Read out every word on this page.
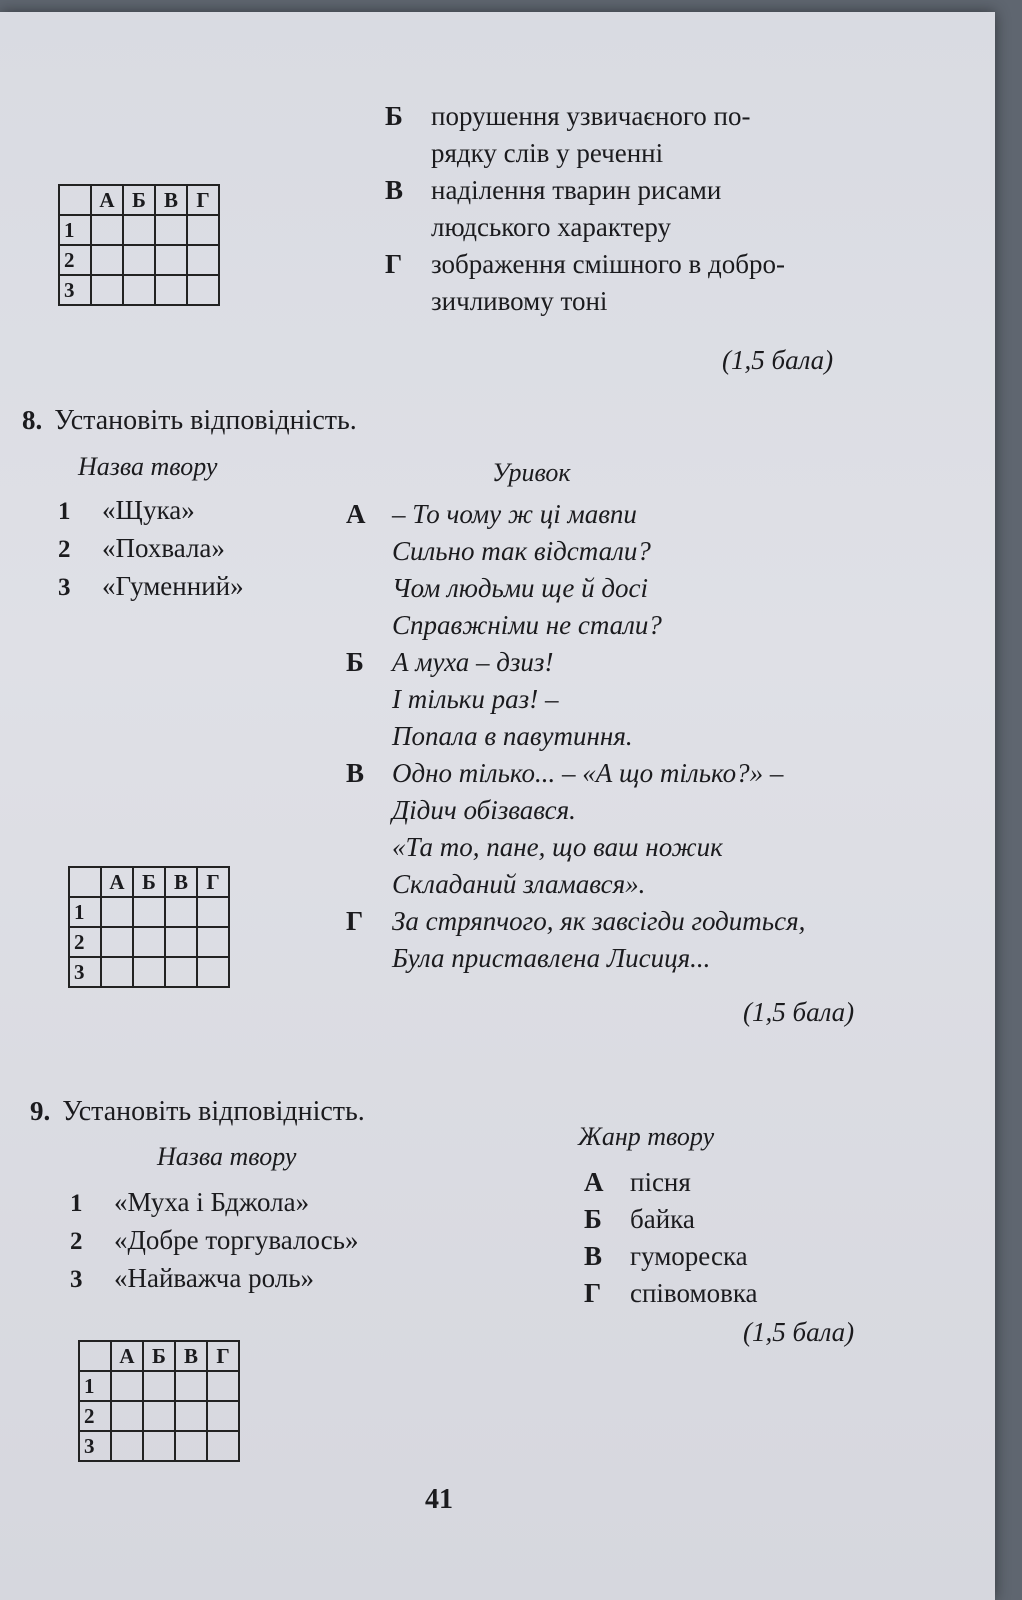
	А	Б	В	Г
1				
2				
3				
Б	порушення узвичаєного по-
рядку слів у реченні
В	наділення тварин рисами
людського характеру
Г	зображення смішного в добро-
зичливому тоні
(1,5 бала)
8. Установіть відповідність.
Назва твору	Уривок
1 «Щука»
2 «Похвала»
3 «Гуменний»
А – То чому ж ці мавпи
Сильно так відстали?
Чом людьми ще й досі
Справжніми не стали?
Б	А муха – дзиз!
І тільки раз! –
Попала в павутиння.
В	Одно тілько... – «А що тілько?» –
Дідич обізвався.
«Та то, пане, що ваш ножик
Складаний зламався».
Г	За стряпчого, як завсігди годиться,
Була приставлена Лисиця...
	А	Б	В	Г
1				
2				
3				
(1,5 бала)
9. Установіть відповідність.
Назва твору
Жанр твору
1 «Муха і Бджола»
2 «Добре торгувалось»
3 «Найважча роль»
А пісня
Б	байка
В	гумореска
Г	співомовка
(1,5 бала)
	А	Б	В	Г
1				
2				
3				
41
